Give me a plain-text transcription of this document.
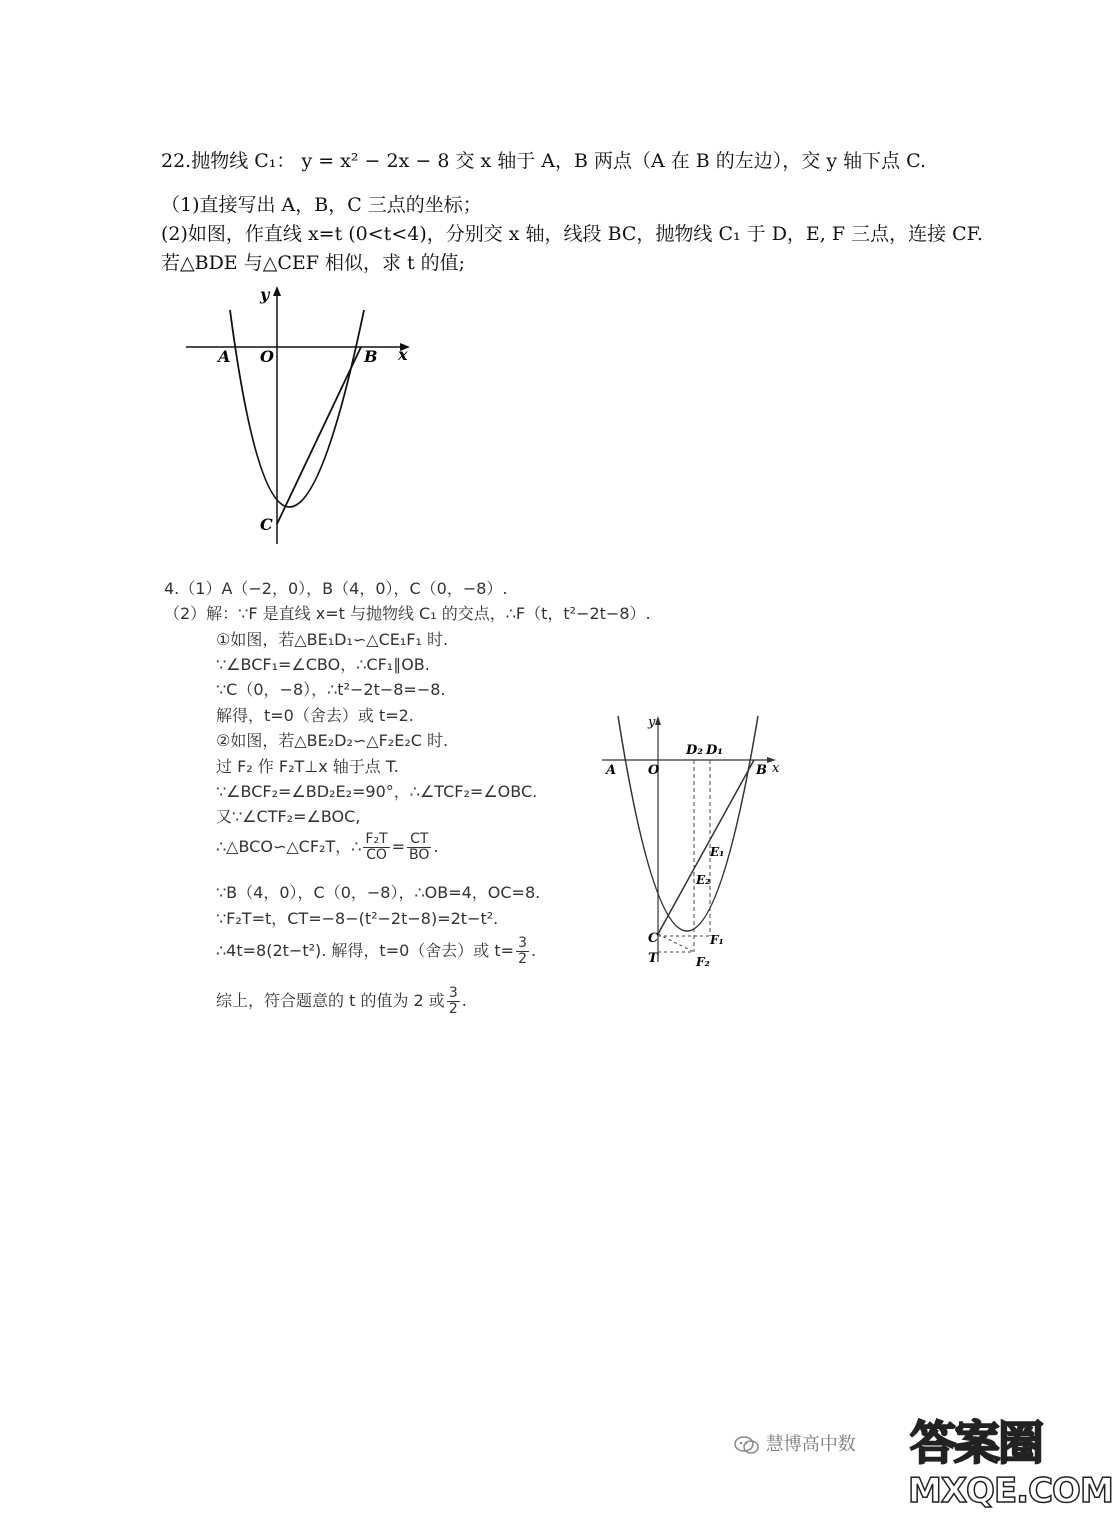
22.抛物线 C₁： y = x² − 2x − 8 交 x 轴于 A，B 两点（A 在 B 的左边），交 y 轴下点 C.
（1)直接写出 A，B，C 三点的坐标；
(2)如图，作直线 x=t (0<t<4)，分别交 x 轴，线段 BC，抛物线 C₁ 于 D，E, F 三点，连接 CF.
若△BDE 与△CEF 相似，求 t 的值;
y
x
A O	B
C
4.（1）A（−2，0），B（4，0），C（0，−8）.
（2）解：∵F 是直线 x=t 与抛物线 C₁ 的交点，∴F（t，t²−2t−8）.
①如图，若△BE₁D₁∽△CE₁F₁ 时.
∵∠BCF₁=∠CBO，∴CF₁∥OB.
∵C（0，−8），∴t²−2t−8=−8.
解得，t=0（舍去）或 t=2.
②如图，若△BE₂D₂∽△F₂E₂C 时.
过 F₂ 作 F₂T⊥x 轴于点 T.
∵∠BCF₂=∠BD₂E₂=90°，∴∠TCF₂=∠OBC.
又∵∠CTF₂=∠BOC,
∴△BCO∽△CF₂T，∴ $\frac{\text{F₂T}}{CO} = \frac{CT}{BO}$ .
∵B（4，0），C（0，−8），∴OB=4，OC=8.
∵F₂T=t，CT=−8−(t²−2t−8)=2t−t².
∴4t=8(2t−t²). 解得，t=0（舍去）或 $t= \frac{3}{2}$ .
综上，符合题意的 t 的值为 2 或 $\frac{3}{2}$ .
y
x
A O	B
D₂ D₁
E₁
E₂
C
T
F₁
F₂
慧博高中数 答案圈
MXQE.COM
